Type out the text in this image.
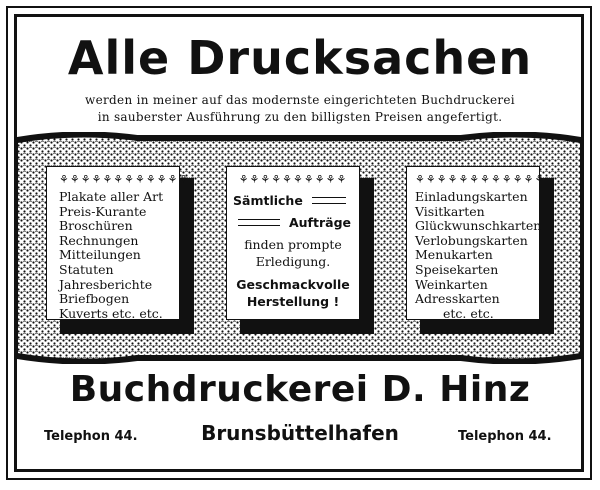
Alle Drucksachen
werden in meiner auf das modernste eingerichteten Buchdruckerei
in sauberster Ausführung zu den billigsten Preisen angefertigt.
⚘⚘⚘⚘⚘⚘⚘⚘⚘⚘⚘⚘
Plakate aller Art
Preis-Kurante
Broschüren
Rechnungen
Mitteilungen
Statuten
Jahresberichte
Briefbogen
Kuverts etc. etc.
⚘⚘⚘⚘⚘⚘⚘⚘⚘⚘
Sämtliche
Aufträge
finden prompte
Erledigung.
Geschmackvolle
Herstellung !
⚘⚘⚘⚘⚘⚘⚘⚘⚘⚘⚘⚘
Einladungskarten
Visitkarten
Glückwunschkarten
Verlobungskarten
Menukarten
Speisekarten
Weinkarten
Adresskarten
etc. etc.
Buchdruckerei D. Hinz
Telephon 44.	Brunsbüttelhafen	Telephon 44.
